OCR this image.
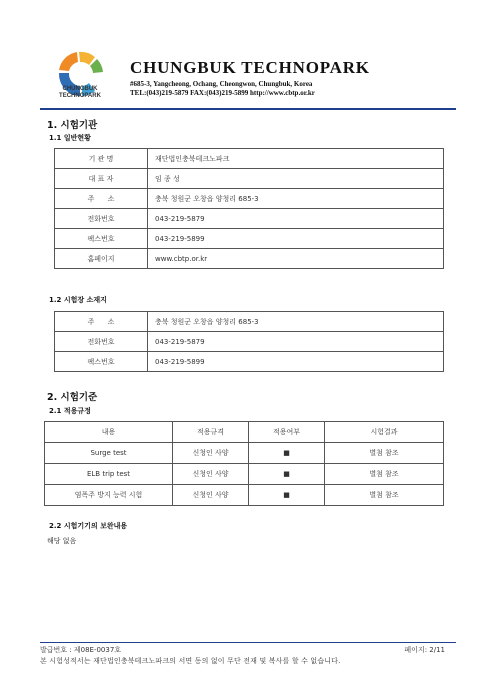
CHUNGBUK
TECHNOPARK
CHUNGBUK TECHNOPARK
#685-3, Yangcheong, Ochang, Cheongwon, Chungbuk, Korea
TEL:(043)219-5879 FAX:(043)219-5899 http://www.cbtp.or.kr
1. 시험기관
1.1 일반현황
기 관 명	재단법인충북테크노파크
대 표 자	임 종 성
주      소	충북 청원군 오창읍 양청리 685-3
전화번호	043-219-5879
팩스번호	043-219-5899
홈페이지	www.cbtp.or.kr
1.2 시험장 소재지
주      소	충북 청원군 오창읍 양청리 685-3
전화번호	043-219-5879
팩스번호	043-219-5899
2. 시험기준
2.1 적용규정
내용	적용규격	적용여부	시험결과
Surge test	신청인 사양	■	별첨 참조
ELB trip test	신청인 사양	■	별첨 참조
염폭주 방지 능력 시험	신청인 사양	■	별첨 참조
2.2 시험기기의 보완내용
해당 없음
발급번호 : 제08E-0037호	페이지: 2/11
본 시험성적서는 재단법인충북테크노파크의 서면 동의 없이 무단 전재 및 복사를 할 수 없습니다.
